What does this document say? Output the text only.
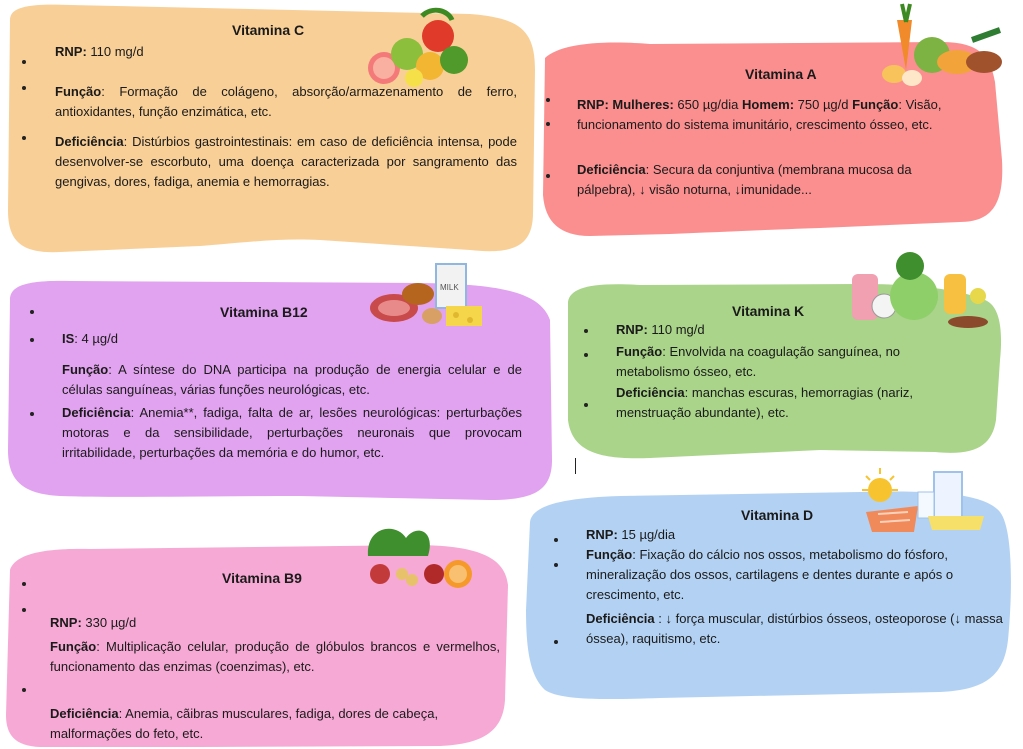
MILK
Vitamina C
RNP: 110 mg/d
Função: Formação de colágeno, absorção/armazenamento de ferro, antioxidantes, função enzimática, etc.
Deficiência: Distúrbios gastrointestinais: em caso de deficiência intensa, pode desenvolver-se escorbuto, uma doença caracterizada por sangramento das gengivas, dores, fadiga, anemia e hemorragias.
Vitamina A
RNP: Mulheres: 650 µg/dia Homem: 750 µg/d Função: Visão, funcionamento do sistema imunitário, crescimento ósseo, etc.
Deficiência: Secura da conjuntiva (membrana mucosa da pálpebra), ↓ visão noturna, ↓imunidade...
Vitamina B12
IS: 4 µg/d
Função: A síntese do DNA participa na produção de energia celular e de células sanguíneas, várias funções neurológicas, etc.
Deficiência: Anemia**, fadiga, falta de ar, lesões neurológicas: perturbações motoras e da sensibilidade, perturbações neuronais que provocam irritabilidade, perturbações da memória e do humor, etc.
Vitamina K
RNP: 110 mg/d
Função: Envolvida na coagulação sanguínea, no metabolismo ósseo, etc.
Deficiência: manchas escuras, hemorragias (nariz, menstruação abundante), etc.
Vitamina D
RNP: 15 µg/dia
Função: Fixação do cálcio nos ossos, metabolismo do fósforo, mineralização dos ossos, cartilagens e dentes durante e após o crescimento, etc.
Deficiência : ↓ força muscular, distúrbios ósseos, osteoporose (↓ massa óssea), raquitismo, etc.
Vitamina B9
RNP: 330 µg/d
Função: Multiplicação celular, produção de glóbulos brancos e vermelhos, funcionamento das enzimas (coenzimas), etc.
Deficiência: Anemia, cãibras musculares, fadiga, dores de cabeça, malformações do feto, etc.
